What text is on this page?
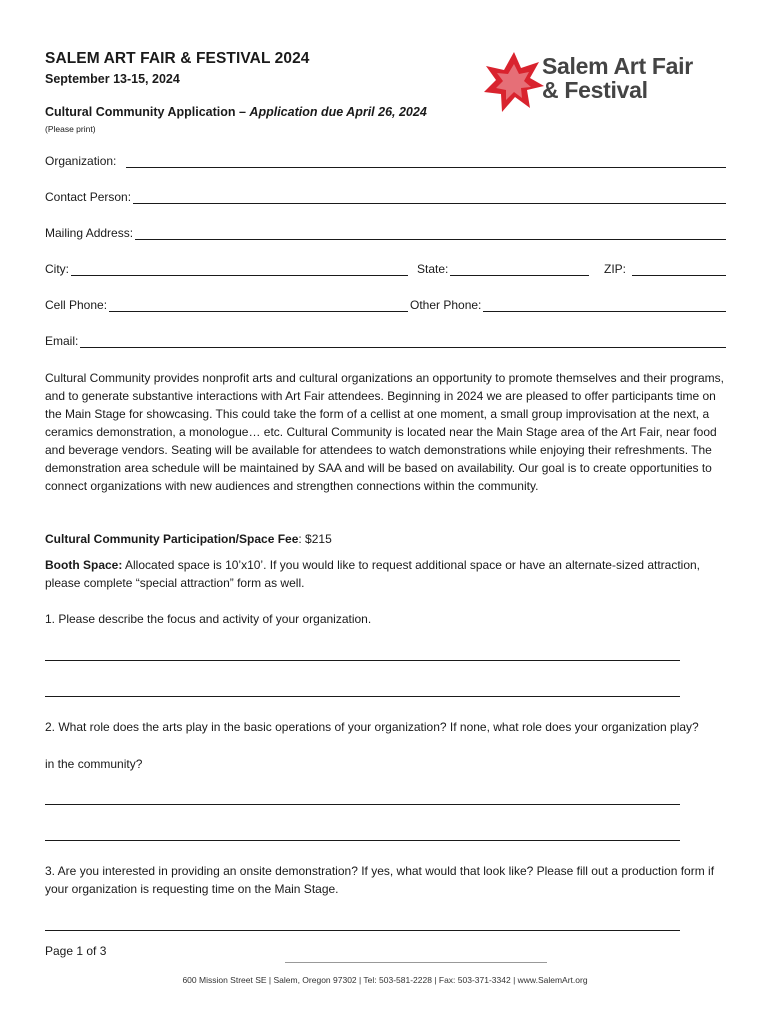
SALEM ART FAIR & FESTIVAL 2024
September 13-15, 2024
Cultural Community Application – Application due April 26, 2024
(Please print)
Salem Art Fair
& Festival
Organization:
Contact Person:
Mailing Address:
City:	State:	ZIP:
Cell Phone:	Other Phone:
Email:
Cultural Community provides nonprofit arts and cultural organizations an opportunity to promote themselves and their programs, and to generate substantive interactions with Art Fair attendees. Beginning in 2024 we are pleased to offer participants time on the Main Stage for showcasing. This could take the form of a cellist at one moment, a small group improvisation at the next, a ceramics demonstration, a monologue… etc. Cultural Community is located near the Main Stage area of the Art Fair, near food and beverage vendors. Seating will be available for attendees to watch demonstrations while enjoying their refreshments. The demonstration area schedule will be maintained by SAA and will be based on availability. Our goal is to create opportunities to connect organizations with new audiences and strengthen connections within the community.
Cultural Community Participation/Space Fee: $215
Booth Space: Allocated space is 10’x10’. If you would like to request additional space or have an alternate-sized attraction, please complete “special attraction” form as well.
1. Please describe the focus and activity of your organization.
2. What role does the arts play in the basic operations of your organization? If none, what role does your organization play?
in the community?
3. Are you interested in providing an onsite demonstration? If yes, what would that look like? Please fill out a production form if your organization is requesting time on the Main Stage.
Page 1 of 3
600 Mission Street SE | Salem, Oregon 97302 | Tel: 503-581-2228 | Fax: 503-371-3342 | www.SalemArt.org
